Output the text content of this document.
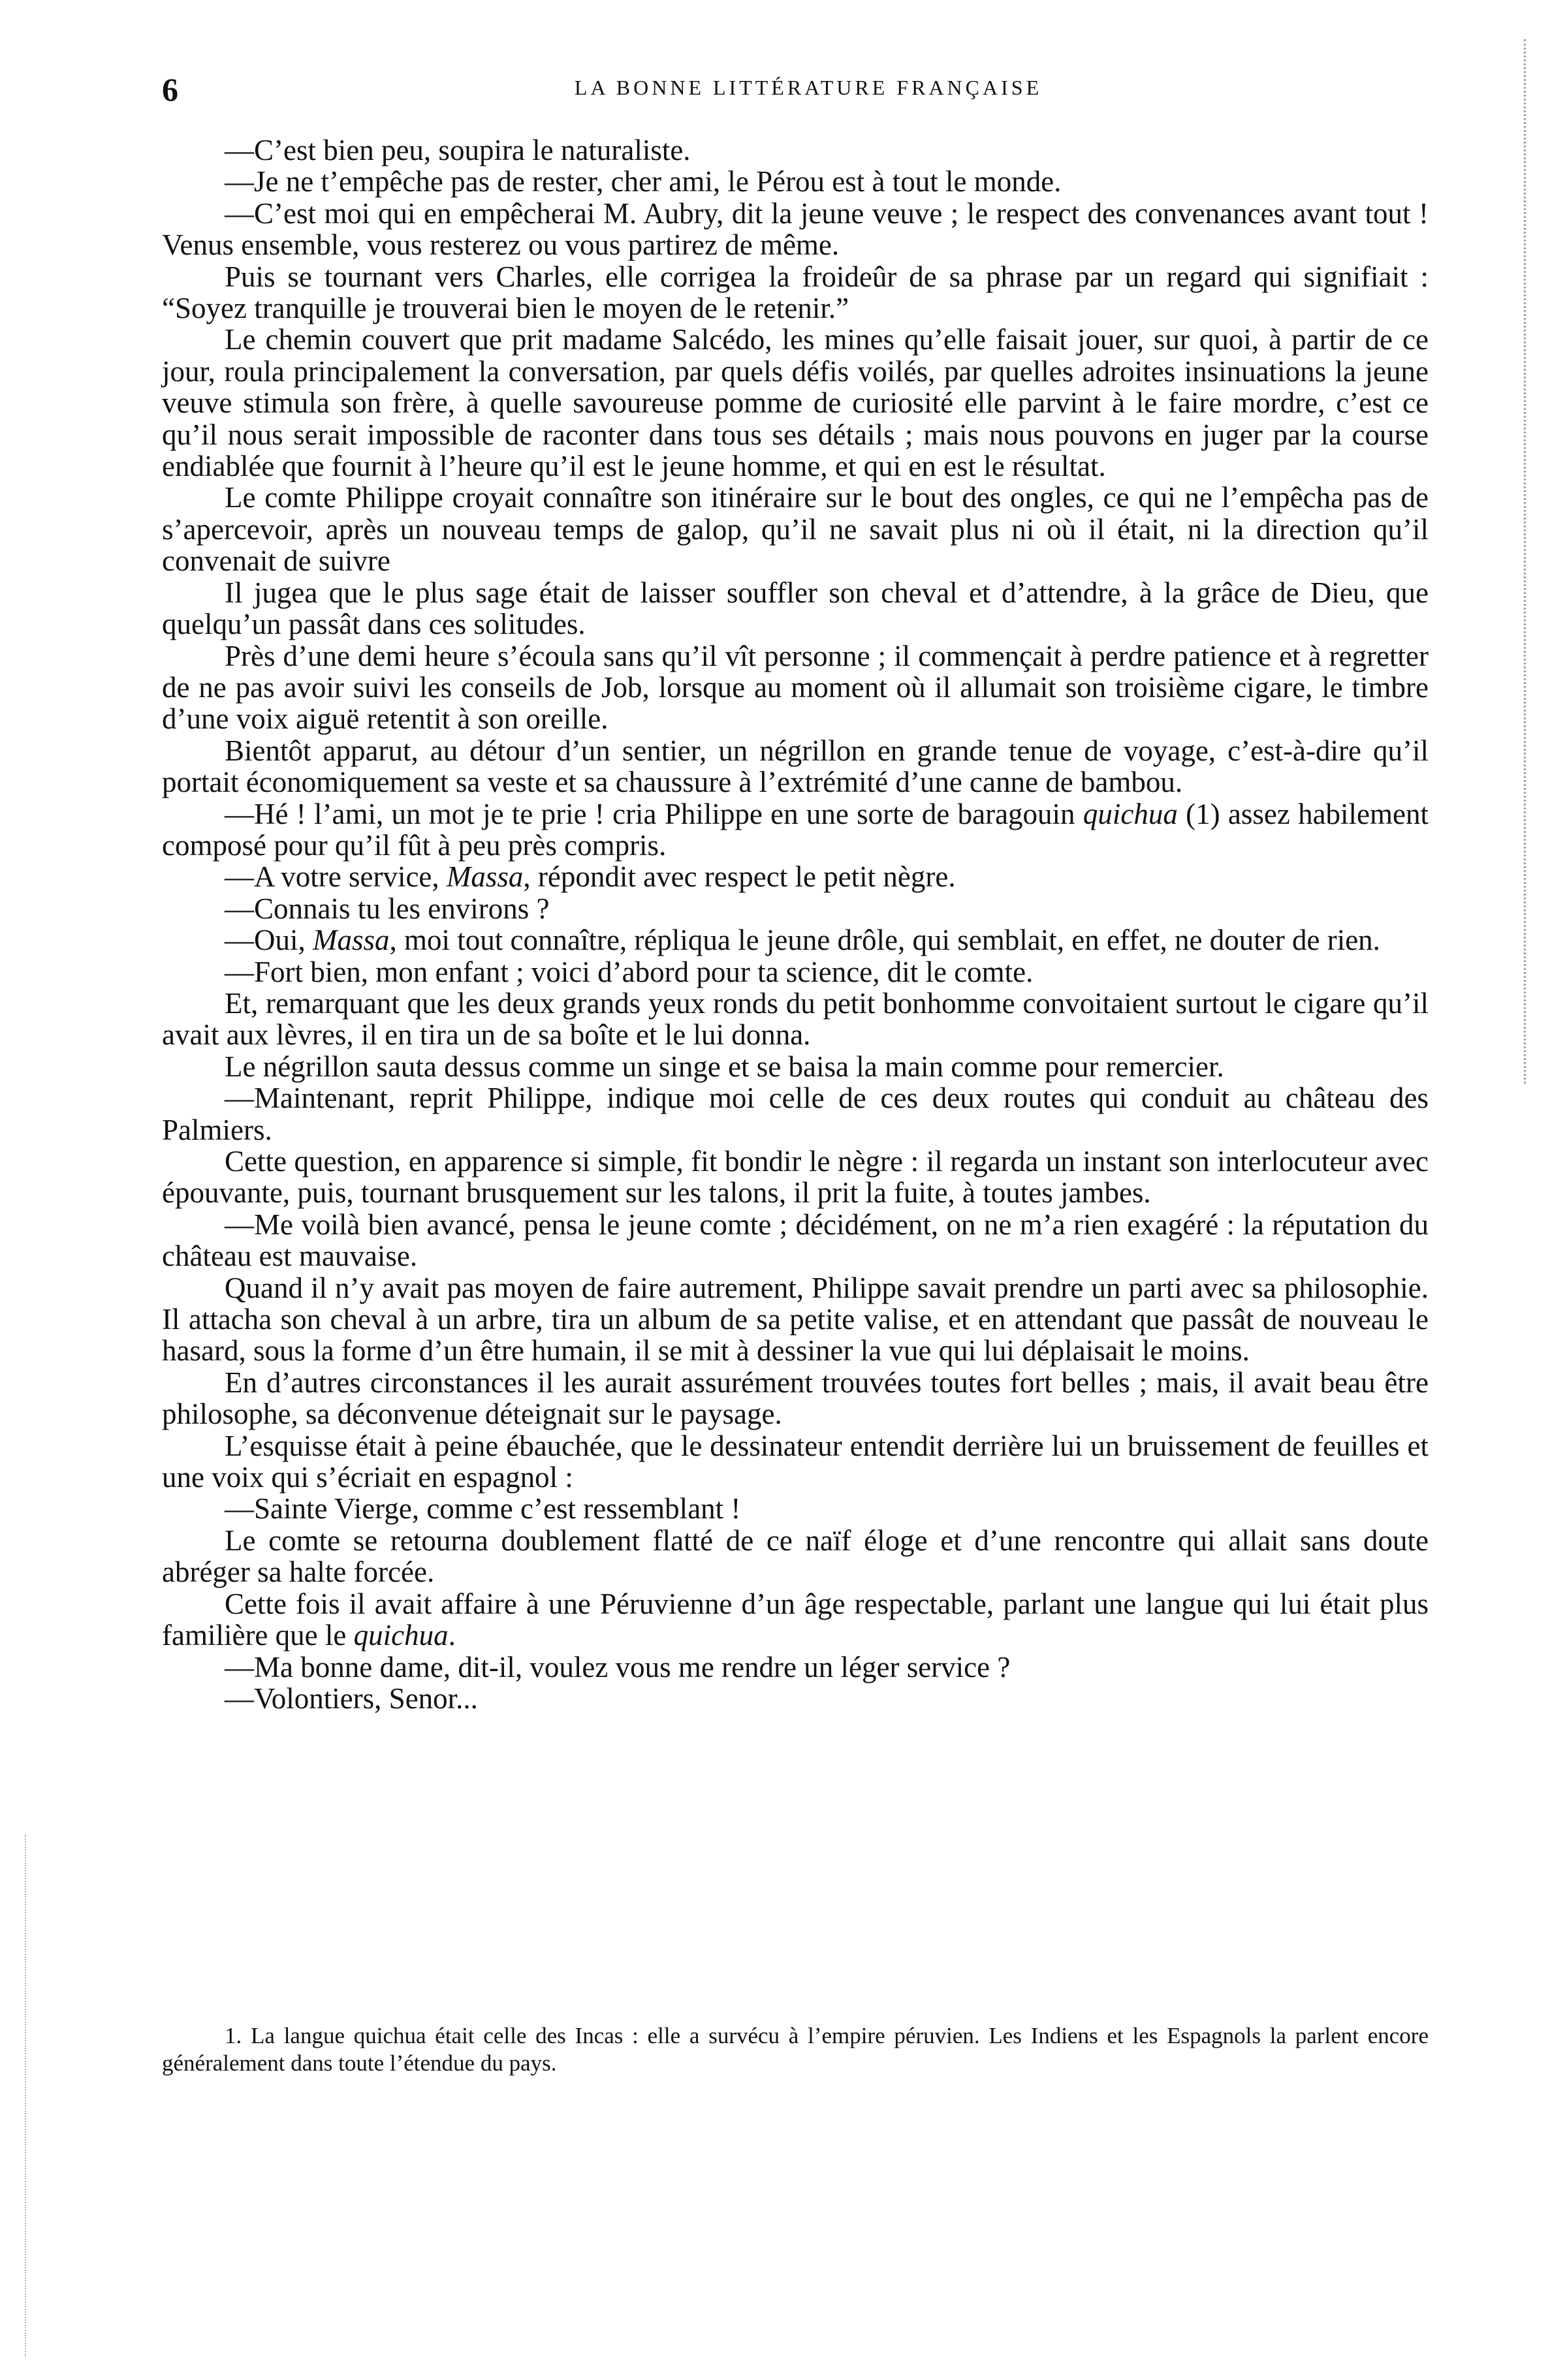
6	LA BONNE LITTÉRATURE FRANÇAISE

—C’est bien peu, soupira le naturaliste.

—Je ne t’empêche pas de rester, cher ami, le Pérou est à tout le monde.

—C’est moi qui en empêcherai M. Aubry, dit la jeune veuve ; le respect des convenances avant tout ! Venus ensemble, vous resterez ou vous partirez de même.

Puis se tournant vers Charles, elle corrigea la froideûr de sa phrase par un regard qui signifiait : “Soyez tranquille je trouverai bien le moyen de le retenir.”

Le chemin couvert que prit madame Salcédo, les mines qu’elle faisait jouer, sur quoi, à partir de ce jour, roula principalement la conversation, par quels défis voilés, par quelles adroites insinuations la jeune veuve stimula son frère, à quelle savoureuse pomme de curiosité elle parvint à le faire mordre, c’est ce qu’il nous serait impossible de raconter dans tous ses détails ; mais nous pouvons en juger par la course endiablée que fournit à l’heure qu’il est le jeune homme, et qui en est le résultat.

Le comte Philippe croyait connaître son itinéraire sur le bout des ongles, ce qui ne l’empêcha pas de s’apercevoir, après un nouveau temps de galop, qu’il ne savait plus ni où il était, ni la direction qu’il convenait de suivre

Il jugea que le plus sage était de laisser souffler son cheval et d’attendre, à la grâce de Dieu, que quelqu’un passât dans ces solitudes.

Près d’une demi heure s’écoula sans qu’il vît personne ; il commençait à perdre patience et à regretter de ne pas avoir suivi les conseils de Job, lorsque au moment où il allumait son troisième cigare, le timbre d’une voix aiguë retentit à son oreille.

Bientôt apparut, au détour d’un sentier, un négrillon en grande tenue de voyage, c’est-à-dire qu’il portait économiquement sa veste et sa chaussure à l’extrémité d’une canne de bambou.

—Hé ! l’ami, un mot je te prie ! cria Philippe en une sorte de baragouin quichua (1) assez habilement composé pour qu’il fût à peu près compris.

—A votre service, Massa, répondit avec respect le petit nègre.

—Connais tu les environs ?

—Oui, Massa, moi tout connaître, répliqua le jeune drôle, qui semblait, en effet, ne douter de rien.

—Fort bien, mon enfant ; voici d’abord pour ta science, dit le comte.

Et, remarquant que les deux grands yeux ronds du petit bonhomme convoitaient surtout le cigare qu’il avait aux lèvres, il en tira un de sa boîte et le lui donna.

Le négrillon sauta dessus comme un singe et se baisa la main comme pour remercier.

—Maintenant, reprit Philippe, indique moi celle de ces deux routes qui conduit au château des Palmiers.

Cette question, en apparence si simple, fit bondir le nègre : il regarda un instant son interlocuteur avec épouvante, puis, tournant brusquement sur les talons, il prit la fuite, à toutes jambes.

—Me voilà bien avancé, pensa le jeune comte ; décidément, on ne m’a rien exagéré : la réputation du château est mauvaise.

Quand il n’y avait pas moyen de faire autrement, Philippe savait prendre un parti avec sa philosophie. Il attacha son cheval à un arbre, tira un album de sa petite valise, et en attendant que passât de nouveau le hasard, sous la forme d’un être humain, il se mit à dessiner la vue qui lui déplaisait le moins.

En d’autres circonstances il les aurait assurément trouvées toutes fort belles ; mais, il avait beau être philosophe, sa déconvenue déteignait sur le paysage.

L’esquisse était à peine ébauchée, que le dessinateur entendit derrière lui un bruissement de feuilles et une voix qui s’écriait en espagnol :

—Sainte Vierge, comme c’est ressemblant !

Le comte se retourna doublement flatté de ce naïf éloge et d’une rencontre qui allait sans doute abréger sa halte forcée.

Cette fois il avait affaire à une Péruvienne d’un âge respectable, parlant une langue qui lui était plus familière que le quichua.

—Ma bonne dame, dit-il, voulez vous me rendre un léger service ?

—Volontiers, Senor...

1. La langue quichua était celle des Incas : elle a survécu à l’empire péruvien. Les Indiens et les Espagnols la parlent encore généralement dans toute l’étendue du pays.
